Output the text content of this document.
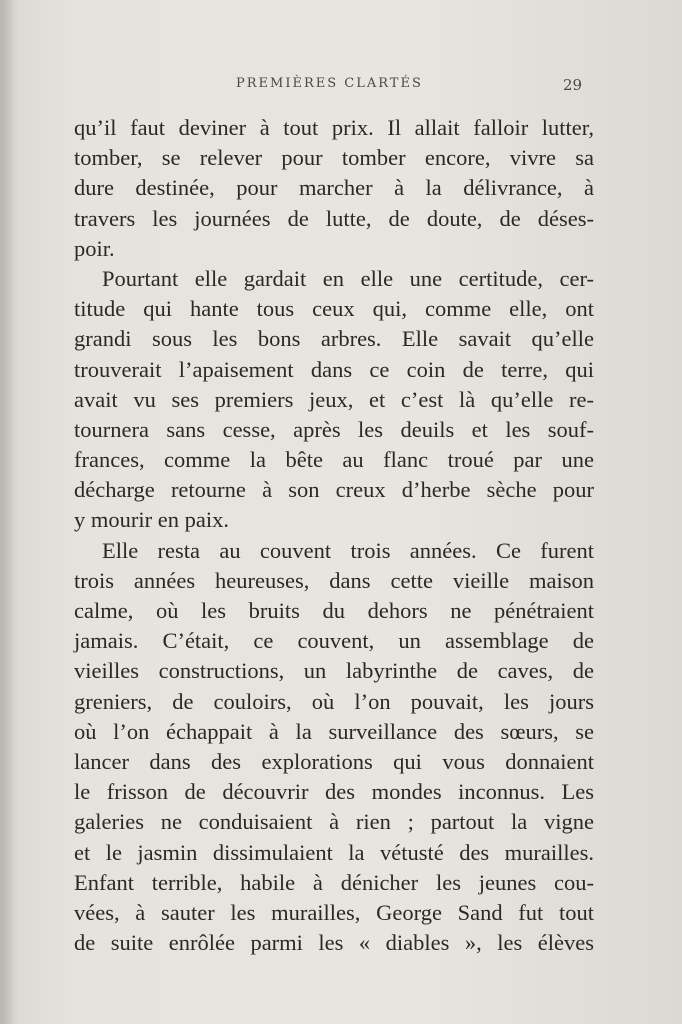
PREMIÈRES CLARTÉS	29
qu’il faut deviner à tout prix. Il allait falloir lutter,
tomber, se relever pour tomber encore, vivre sa
dure destinée, pour marcher à la délivrance, à
travers les journées de lutte, de doute, de déses-
poir.
Pourtant elle gardait en elle une certitude, cer-
titude qui hante tous ceux qui, comme elle, ont
grandi sous les bons arbres. Elle savait qu’elle
trouverait l’apaisement dans ce coin de terre, qui
avait vu ses premiers jeux, et c’est là qu’elle re-
tournera sans cesse, après les deuils et les souf-
frances, comme la bête au flanc troué par une
décharge retourne à son creux d’herbe sèche pour
y mourir en paix.
Elle resta au couvent trois années. Ce furent
trois années heureuses, dans cette vieille maison
calme, où les bruits du dehors ne pénétraient
jamais. C’était, ce couvent, un assemblage de
vieilles constructions, un labyrinthe de caves, de
greniers, de couloirs, où l’on pouvait, les jours
où l’on échappait à la surveillance des sœurs, se
lancer dans des explorations qui vous donnaient
le frisson de découvrir des mondes inconnus. Les
galeries ne conduisaient à rien ; partout la vigne
et le jasmin dissimulaient la vétusté des murailles.
Enfant terrible, habile à dénicher les jeunes cou-
vées, à sauter les murailles, George Sand fut tout
de suite enrôlée parmi les « diables », les élèves
